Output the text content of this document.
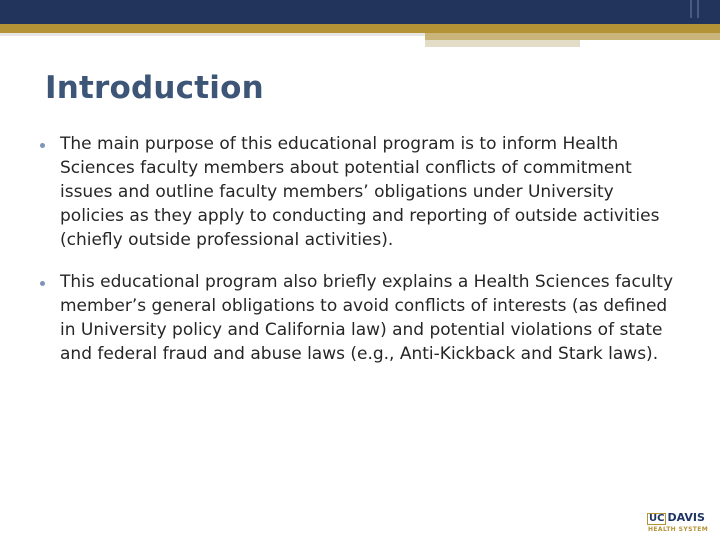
Introduction
The main purpose of this educational program is to inform Health Sciences faculty members about potential conflicts of commitment issues and outline faculty members’ obligations under University policies as they apply to conducting and reporting of outside activities (chiefly outside professional activities).
This educational program also briefly explains a Health Sciences faculty member’s general obligations to avoid conflicts of interests (as defined in University policy and California law) and potential violations of state and federal fraud and abuse laws (e.g., Anti-Kickback and Stark laws).
UC DAVIS
HEALTH SYSTEM
